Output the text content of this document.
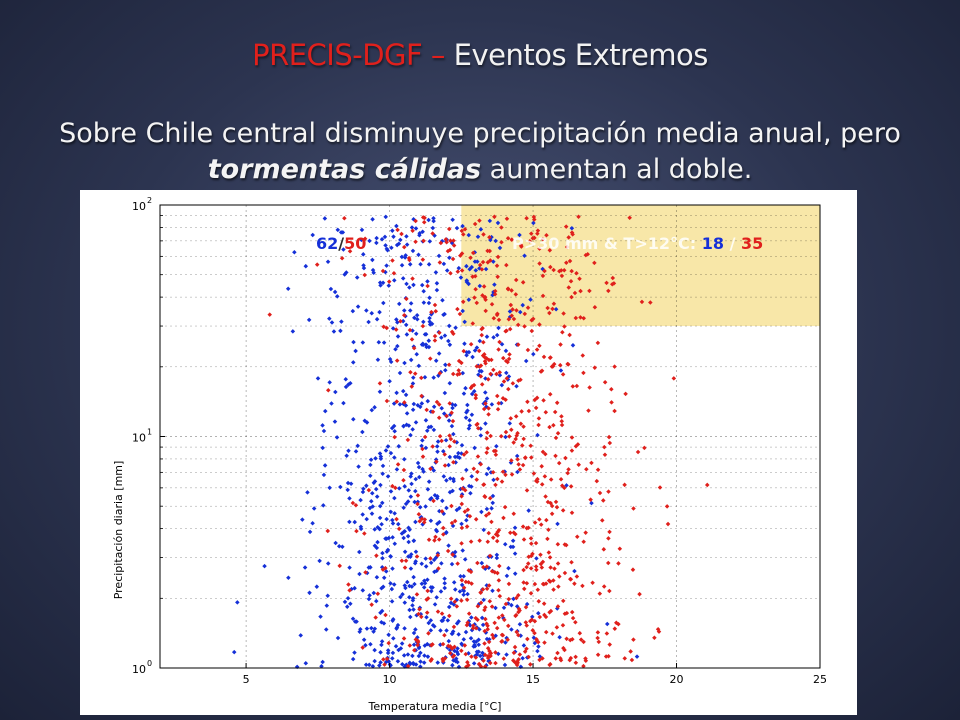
PRECIS-DGF – Eventos Extremos
Sobre Chile central disminuye precipitación media anual, pero tormentas cálidas aumentan al doble.
5	10	15	20	25
10 0
10 1
10 2
Temperatura media [°C]
Precipitación diaria [mm]
62/50	P>30 mm & T>12°C: 18 / 35
